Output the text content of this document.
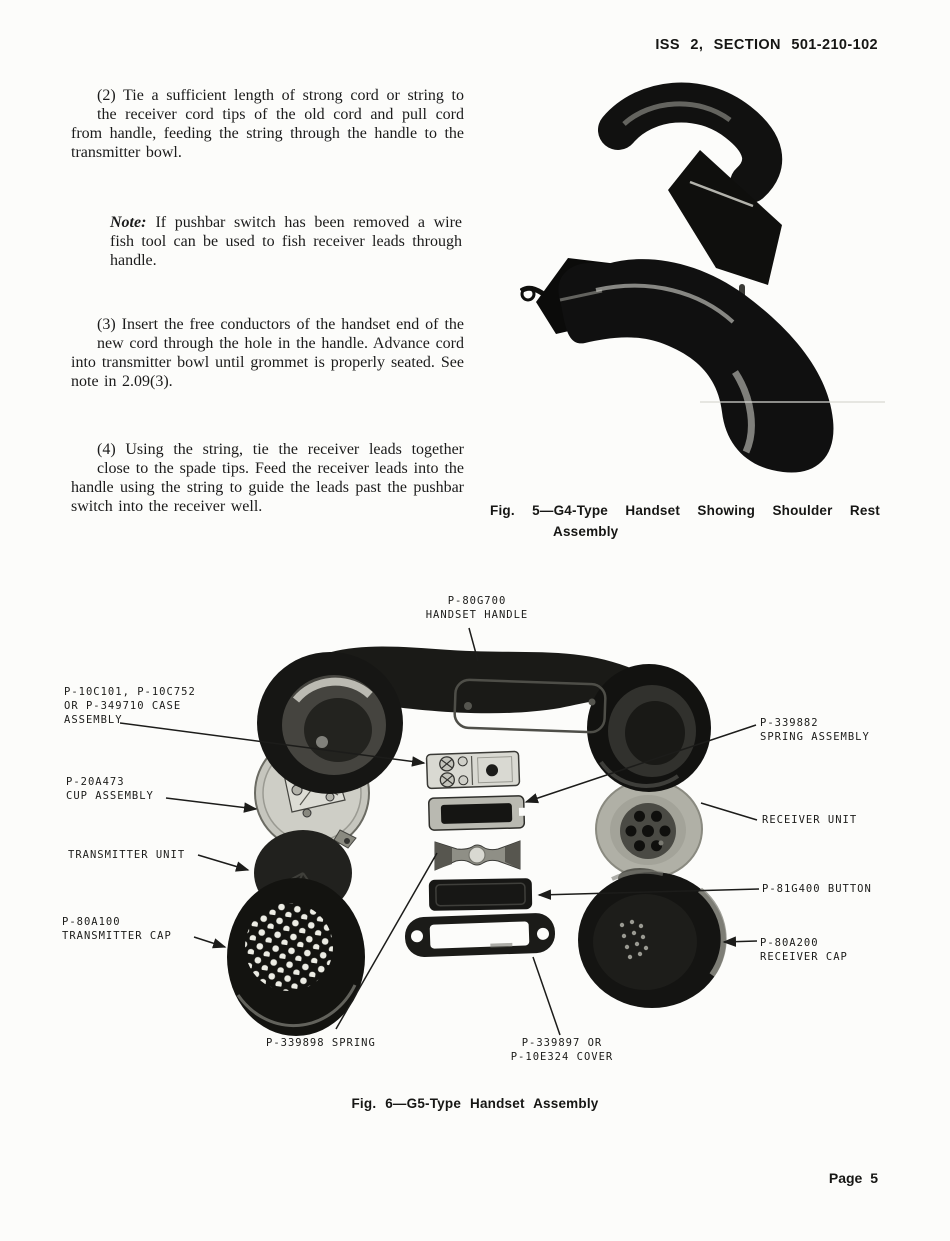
ISS 2, SECTION 501-210-102

(2) Tie a sufficient length of strong cord or string to the receiver cord tips of the old cord and pull cord from handle, feeding the string through the handle to the transmitter bowl.

Note: If pushbar switch has been removed a wire fish tool can be used to fish receiver leads through handle.

(3) Insert the free conductors of the handset end of the new cord through the hole in the handle. Advance cord into transmitter bowl until grommet is properly seated. See note in 2.09(3).

(4) Using the string, tie the receiver leads together close to the spade tips. Feed the receiver leads into the handle using the string to guide the leads past the pushbar switch into the receiver well.	Fig. 5—G4-Type Handset Showing Shoulder Rest
Assembly
P-80G700
HANDSET HANDLE
P-10C101, P-10C752
OR P-349710 CASE
ASSEMBLY
P-20A473
CUP ASSEMBLY
TRANSMITTER UNIT
P-80A100
TRANSMITTER CAP
P-339882
SPRING ASSEMBLY
RECEIVER UNIT
P-81G400 BUTTON
P-80A200
RECEIVER CAP
P-339898 SPRING	P-339897 OR
P-10E324 COVER
Fig. 6—G5-Type Handset Assembly
Page 5
